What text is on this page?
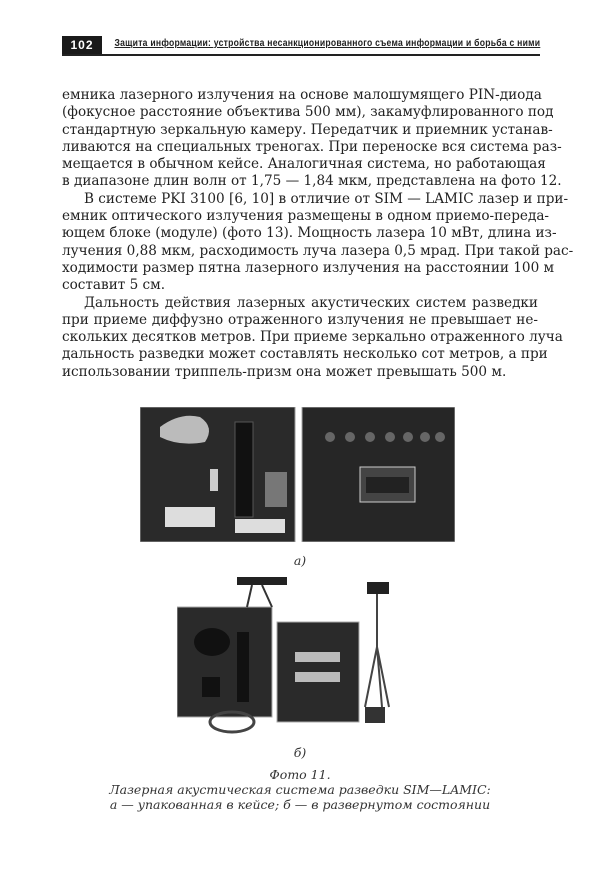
102	Защита информации: устройства несанкционированного съема информации и борьба с ними
емника лазерного излучения на основе малошумящего PIN-диода
(фокусное расстояние объектива 500 мм), закамуфлированного под
стандартную зеркальную камеру. Передатчик и приемник устанав-
ливаются на специальных треногах. При переноске вся система раз-
мещается в обычном кейсе. Аналогичная система, но работающая
в диапазоне длин волн от 1,75 — 1,84 мкм, представлена на фото 12.
В системе PKI 3100 [6, 10] в отличие от SIM — LAMIC лазер и при-
емник оптического излучения размещены в одном приемо-переда-
ющем блоке (модуле) (фото 13). Мощность лазера 10 мВт, длина из-
лучения 0,88 мкм, расходимость луча лазера 0,5 мрад. При такой рас-
ходимости размер пятна лазерного излучения на расстоянии 100 м
составит 5 см.
Дальность действия лазерных акустических систем разведки
при приеме диффузно отраженного излучения не превышает не-
скольких десятков метров. При приеме зеркально отраженного луча
дальность разведки может составлять несколько сот метров, а при
использовании триппель-призм она может превышать 500 м.
а)
б)
Фото 11.
Лазерная акустическая система разведки SIM—LAMIC:
а — упакованная в кейсе; б — в развернутом состоянии
